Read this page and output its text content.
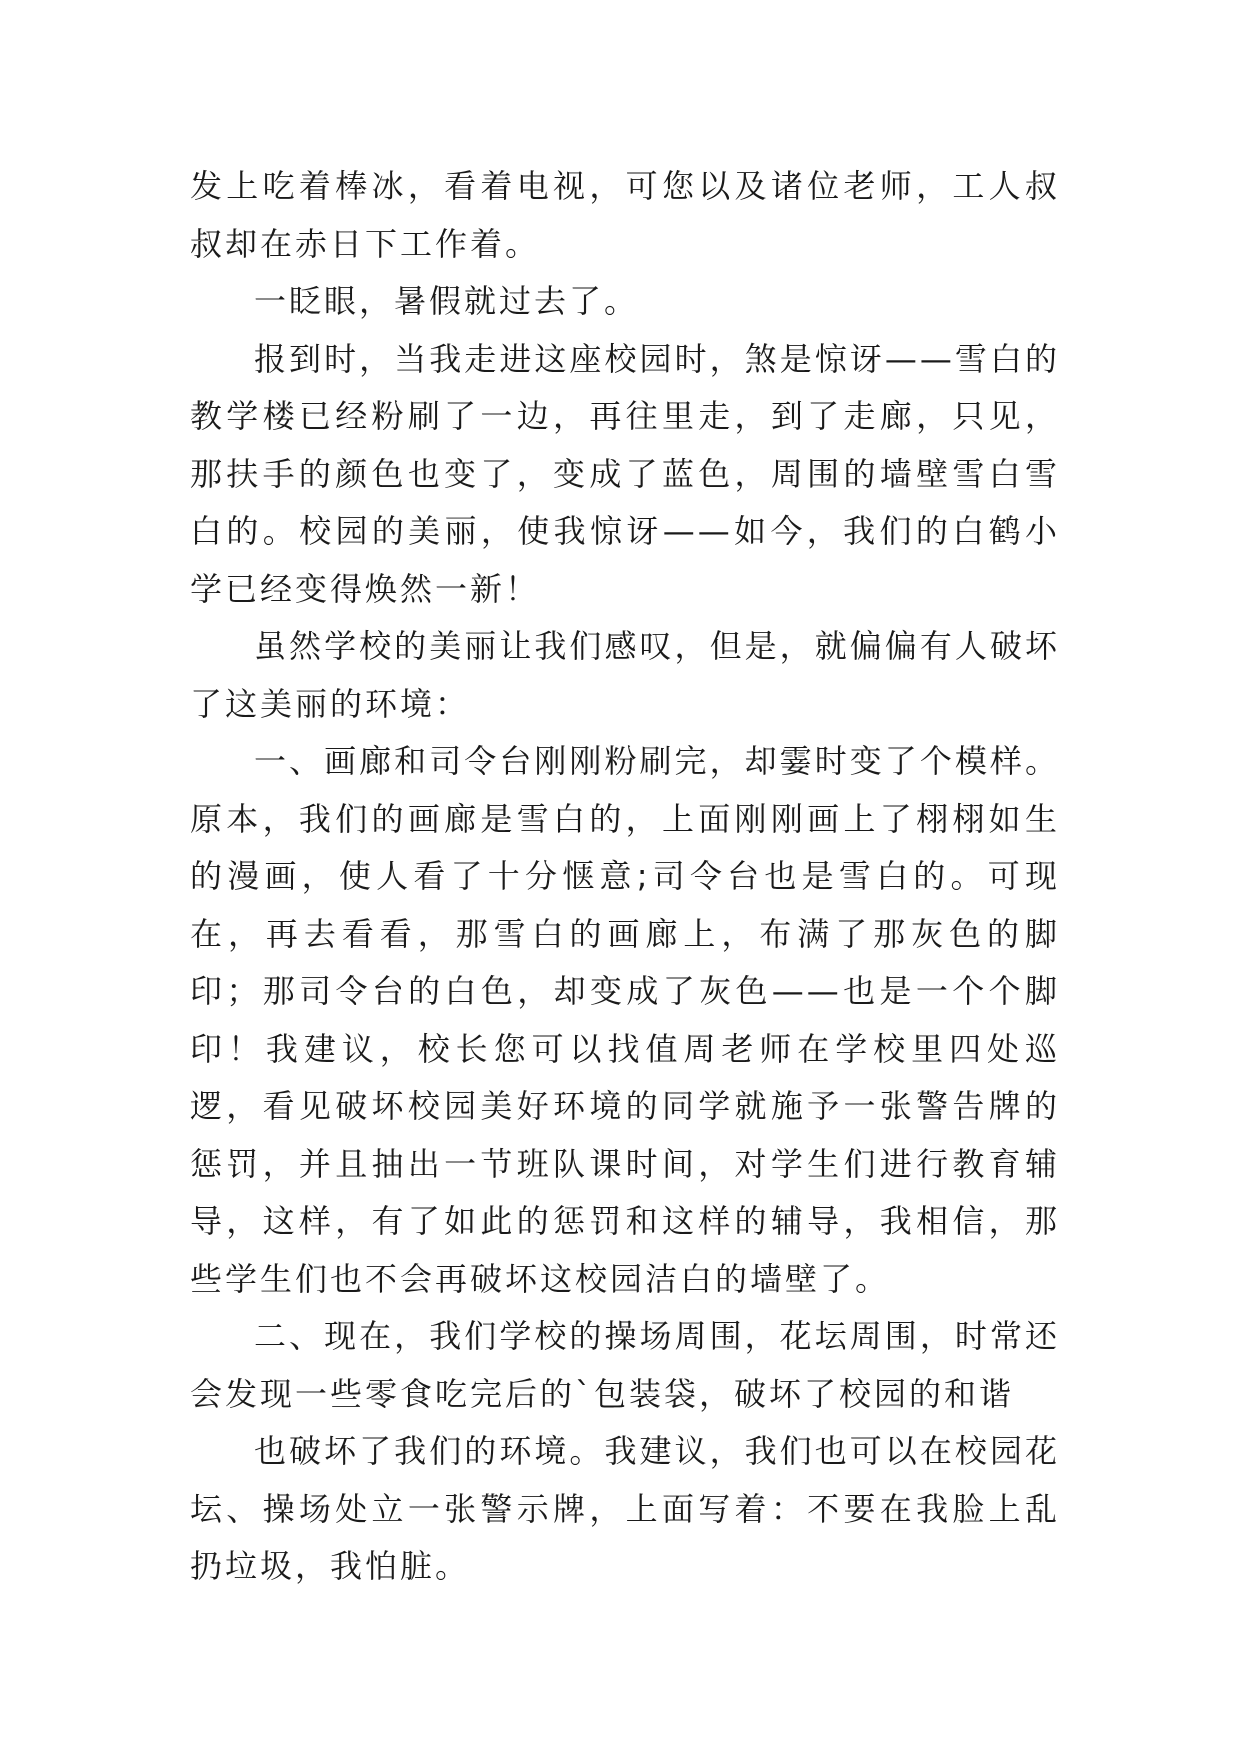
发上吃着棒冰，看着电视，可您以及诸位老师，工人叔叔却在赤日下工作着。

一眨眼，暑假就过去了。

报到时，当我走进这座校园时，煞是惊讶——雪白的教学楼已经粉刷了一边，再往里走，到了走廊，只见，那扶手的颜色也变了，变成了蓝色，周围的墙壁雪白雪白的。校园的美丽，使我惊讶——如今，我们的白鹤小学已经变得焕然一新！

虽然学校的美丽让我们感叹，但是，就偏偏有人破坏了这美丽的环境：

一、画廊和司令台刚刚粉刷完，却霎时变了个模样。原本，我们的画廊是雪白的，上面刚刚画上了栩栩如生的漫画，使人看了十分惬意;司令台也是雪白的。可现在，再去看看，那雪白的画廊上，布满了那灰色的脚印；那司令台的白色，却变成了灰色——也是一个个脚印！我建议，校长您可以找值周老师在学校里四处巡逻，看见破坏校园美好环境的同学就施予一张警告牌的惩罚，并且抽出一节班队课时间，对学生们进行教育辅导，这样，有了如此的惩罚和这样的辅导，我相信，那些学生们也不会再破坏这校园洁白的墙壁了。

二、现在，我们学校的操场周围，花坛周围，时常还会发现一些零食吃完后的`包装袋，破坏了校园的和谐

也破坏了我们的环境。我建议，我们也可以在校园花坛、操场处立一张警示牌，上面写着：不要在我脸上乱扔垃圾，我怕脏。
